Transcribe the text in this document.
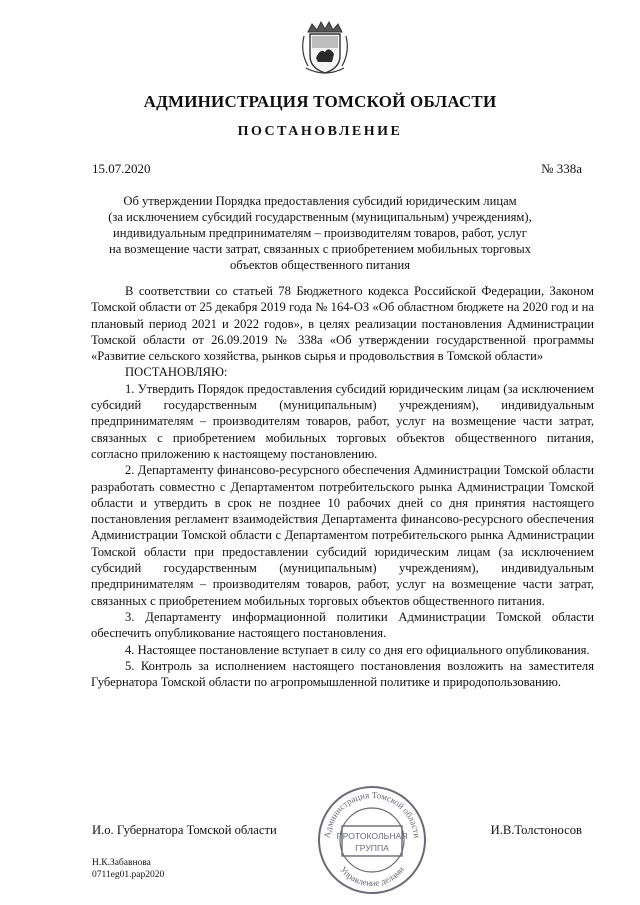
АДМИНИСТРАЦИЯ ТОМСКОЙ ОБЛАСТИ
ПОСТАНОВЛЕНИЕ
15.07.2020	№ 338а
Об утверждении Порядка предоставления субсидий юридическим лицам
(за исключением субсидий государственным (муниципальным) учреждениям),
индивидуальным предпринимателям – производителям товаров, работ, услуг
на возмещение части затрат, связанных с приобретением мобильных торговых
объектов общественного питания

В соответствии со статьей 78 Бюджетного кодекса Российской Федерации, Законом Томской области от 25 декабря 2019 года № 164-ОЗ «Об областном бюджете на 2020 год и на плановый период 2021 и 2022 годов», в целях реализации постановления Администрации Томской области от 26.09.2019 № 338а «Об утверждении государственной программы «Развитие сельского хозяйства, рынков сырья и продовольствия в Томской области»

ПОСТАНОВЛЯЮ:

1. Утвердить Порядок предоставления субсидий юридическим лицам (за исключением субсидий государственным (муниципальным) учреждениям), индивидуальным предпринимателям – производителям товаров, работ, услуг на возмещение части затрат, связанных с приобретением мобильных торговых объектов общественного питания, согласно приложению к настоящему постановлению.

2. Департаменту финансово-ресурсного обеспечения Администрации Томской области разработать совместно с Департаментом потребительского рынка Администрации Томской области и утвердить в срок не позднее 10 рабочих дней со дня принятия настоящего постановления регламент взаимодействия Департамента финансово-ресурсного обеспечения Администрации Томской области с Департаментом потребительского рынка Администрации Томской области при предоставлении субсидий юридическим лицам (за исключением субсидий государственным (муниципальным) учреждениям), индивидуальным предпринимателям – производителям товаров, работ, услуг на возмещение части затрат, связанных с приобретением мобильных торговых объектов общественного питания.

3. Департаменту информационной политики Администрации Томской области обеспечить опубликование настоящего постановления.

4. Настоящее постановление вступает в силу со дня его официального опубликования.

5. Контроль за исполнением настоящего постановления возложить на заместителя Губернатора Томской области по агропромышленной политике и природопользованию.

И.о. Губернатора Томской области	И.В.Толстоносов
Администрация Томской области
Управление делами
ПРОТОКОЛЬНАЯ
ГРУППА
Н.К.Забавнова
0711eg01.рар2020
